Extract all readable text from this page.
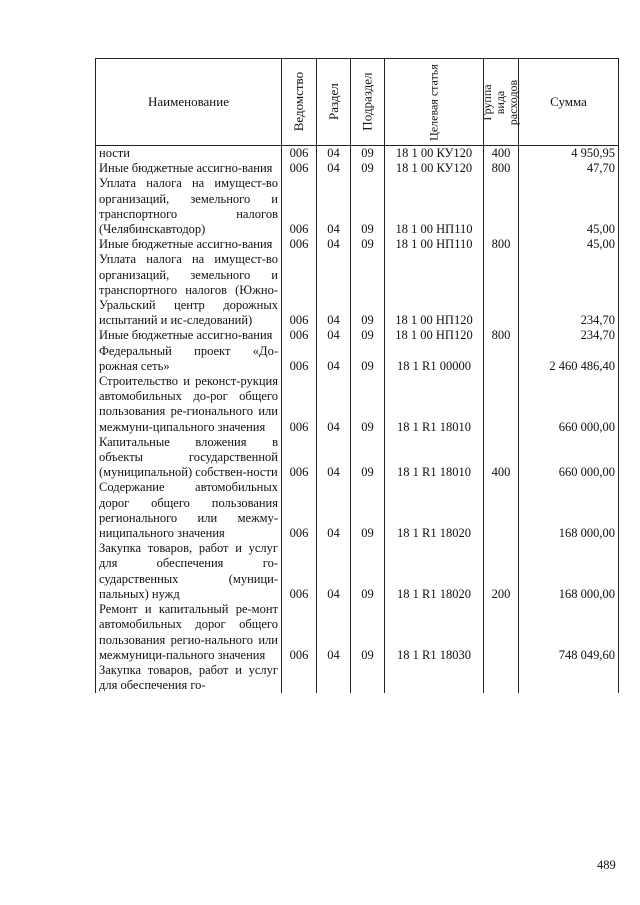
Наименование	Ведомство	Раздел	Подраздел	Целевая статья	Группа вида расходов	Сумма
ности	006	04	09	18 1 00 КУ120	400	4 950,95
Иные бюджетные ассигно-вания	006	04	09	18 1 00 КУ120	800	47,70
Уплата налога на имущест-во организаций, земельного и транспортного налогов (Челябинскавтодор)	006	04	09	18 1 00 НП110		45,00
Иные бюджетные ассигно-вания	006	04	09	18 1 00 НП110	800	45,00
Уплата налога на имущест-во организаций, земельного и транспортного налогов (Южно-Уральский центр дорожных испытаний и ис-следований)	006	04	09	18 1 00 НП120		234,70
Иные бюджетные ассигно-вания	006	04	09	18 1 00 НП120	800	234,70
Федеральный проект «До-рожная сеть»	006	04	09	18 1 R1 00000		2 460 486,40
Строительство и реконст-рукция автомобильных до-рог общего пользования ре-гионального или межмуни-ципального значения	006	04	09	18 1 R1 18010		660 000,00
Капитальные вложения в объекты государственной (муниципальной) собствен-ности	006	04	09	18 1 R1 18010	400	660 000,00
Содержание автомобильных дорог общего пользования регионального или межму-ниципального значения	006	04	09	18 1 R1 18020		168 000,00
Закупка товаров, работ и услуг для обеспечения го-сударственных (муници-пальных) нужд	006	04	09	18 1 R1 18020	200	168 000,00
Ремонт и капитальный ре-монт автомобильных дорог общего пользования регио-нального или межмуници-пального значения	006	04	09	18 1 R1 18030		748 049,60
Закупка товаров, работ и услуг для обеспечения го-						
489
